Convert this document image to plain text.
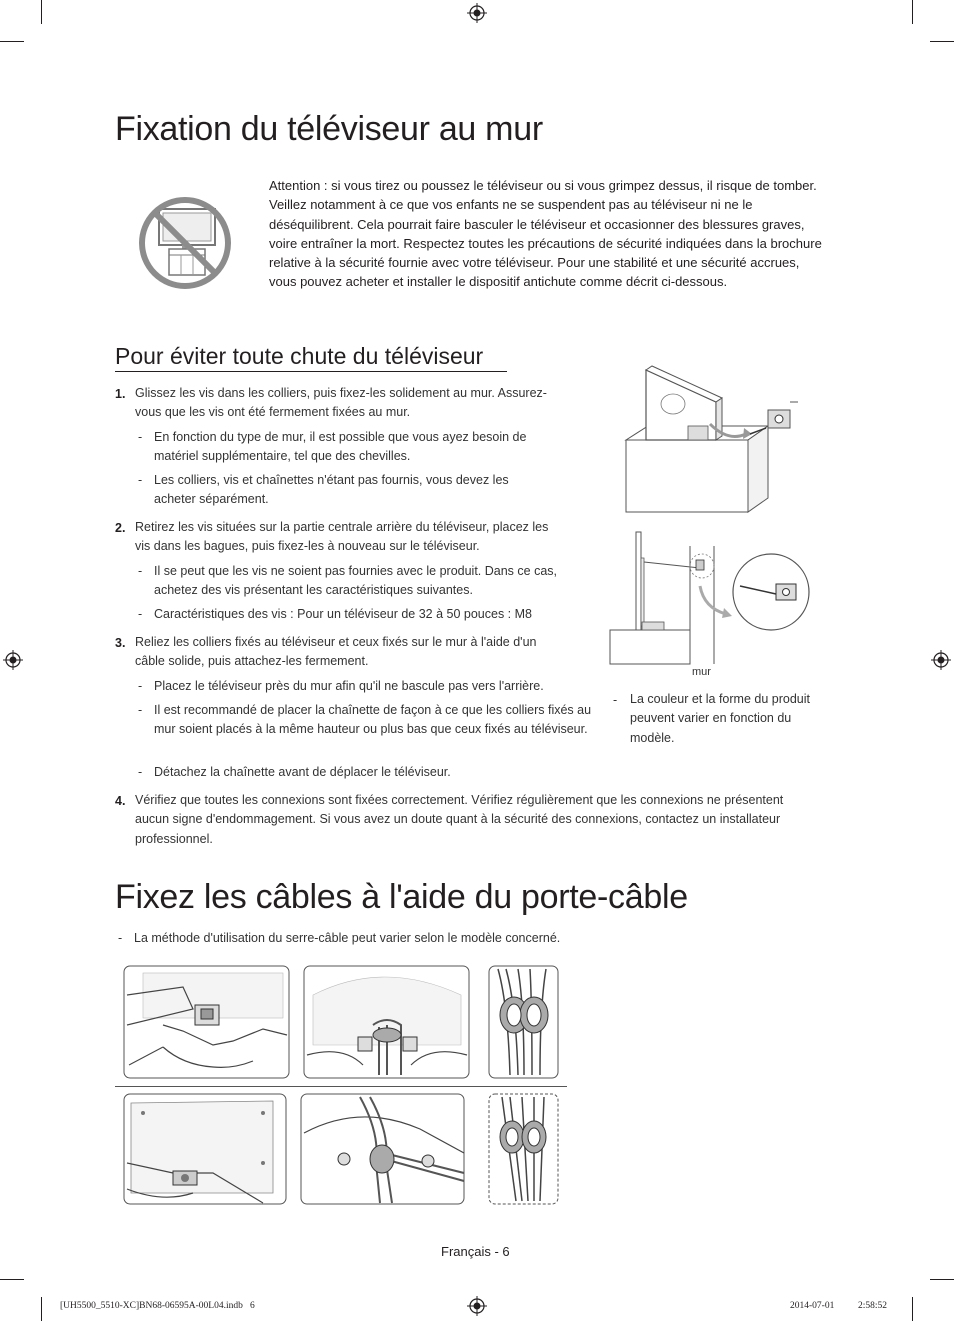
Fixation du téléviseur au mur
Attention : si vous tirez ou poussez le téléviseur ou si vous grimpez dessus, il risque de tomber. Veillez notamment à ce que vos enfants ne se suspendent pas au téléviseur ni ne le déséquilibrent. Cela pourrait faire basculer le téléviseur et occasionner des blessures graves, voire entraîner la mort. Respectez toutes les précautions de sécurité indiquées dans la brochure relative à la sécurité fournie avec votre téléviseur. Pour une stabilité et une sécurité accrues, vous pouvez acheter et installer le dispositif antichute comme décrit ci-dessous.
Pour éviter toute chute du téléviseur
1. Glissez les vis dans les colliers, puis fixez-les solidement au mur. Assurez-vous que les vis ont été fermement fixées au mur.
- En fonction du type de mur, il est possible que vous ayez besoin de matériel supplémentaire, tel que des chevilles.
- Les colliers, vis et chaînettes n'étant pas fournis, vous devez les acheter séparément.
2. Retirez les vis situées sur la partie centrale arrière du téléviseur, placez les vis dans les bagues, puis fixez-les à nouveau sur le téléviseur.
- Il se peut que les vis ne soient pas fournies avec le produit. Dans ce cas, achetez des vis présentant les caractéristiques suivantes.
- Caractéristiques des vis : Pour un téléviseur de 32 à 50 pouces : M8
3. Reliez les colliers fixés au téléviseur et ceux fixés sur le mur à l'aide d'un câble solide, puis attachez-les fermement.
- Placez le téléviseur près du mur afin qu'il ne bascule pas vers l'arrière.
- Il est recommandé de placer la chaînette de façon à ce que les colliers fixés au mur soient placés à la même hauteur ou plus bas que ceux fixés au téléviseur.
- Détachez la chaînette avant de déplacer le téléviseur.
4. Vérifiez que toutes les connexions sont fixées correctement. Vérifiez régulièrement que les connexions ne présentent aucun signe d'endommagement. Si vous avez un doute quant à la sécurité des connexions, contactez un installateur professionnel.
mur
- La couleur et la forme du produit peuvent varier en fonction du modèle.
Fixez les câbles à l'aide du porte-câble
- La méthode d'utilisation du serre-câble peut varier selon le modèle concerné.
Français - 6
[UH5500_5510-XC]BN68-06595A-00L04.indb   6	2014-07-01 2:58:52
